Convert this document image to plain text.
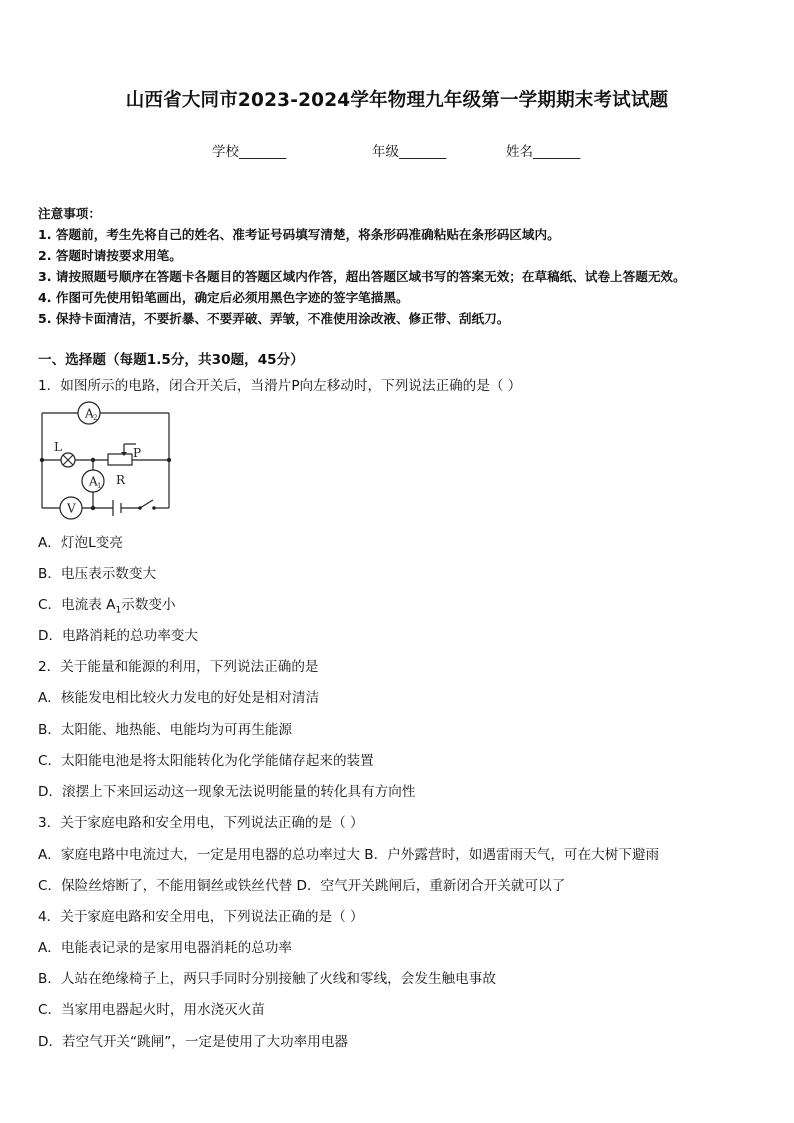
山西省大同市2023-2024学年物理九年级第一学期期末考试试题
学校_______	年级_______	姓名_______
注意事项：
1. 答题前，考生先将自己的姓名、准考证号码填写清楚，将条形码准确粘贴在条形码区域内。
2. 答题时请按要求用笔。
3. 请按照题号顺序在答题卡各题目的答题区域内作答，超出答题区域书写的答案无效；在草稿纸、试卷上答题无效。
4. 作图可先使用铅笔画出，确定后必须用黑色字迹的签字笔描黑。
5. 保持卡面清洁，不要折暴、不要弄破、弄皱，不准使用涂改液、修正带、刮纸刀。
一、选择题（每题1.5分，共30题，45分）
1．如图所示的电路，闭合开关后，当滑片P向左移动时，下列说法正确的是（ ）
A 2
L	P
R
A 1
V
A．灯泡L变亮
B．电压表示数变大
C．电流表 $A_1$示数变小
D．电路消耗的总功率变大
2．关于能量和能源的利用，下列说法正确的是
A．核能发电相比较火力发电的好处是相对清洁
B．太阳能、地热能、电能均为可再生能源
C．太阳能电池是将太阳能转化为化学能储存起来的装置
D．滚摆上下来回运动这一现象无法说明能量的转化具有方向性
3．关于家庭电路和安全用电，下列说法正确的是（ ）
A．家庭电路中电流过大，一定是用电器的总功率过大 B．户外露营时，如遇雷雨天气，可在大树下避雨
C．保险丝熔断了，不能用铜丝或铁丝代替 D．空气开关跳闸后，重新闭合开关就可以了
4．关于家庭电路和安全用电，下列说法正确的是（ ）
A．电能表记录的是家用电器消耗的总功率
B．人站在绝缘椅子上，两只手同时分别接触了火线和零线，会发生触电事故
C．当家用电器起火时，用水浇灭火苗
D．若空气开关“跳闸”，一定是使用了大功率用电器
